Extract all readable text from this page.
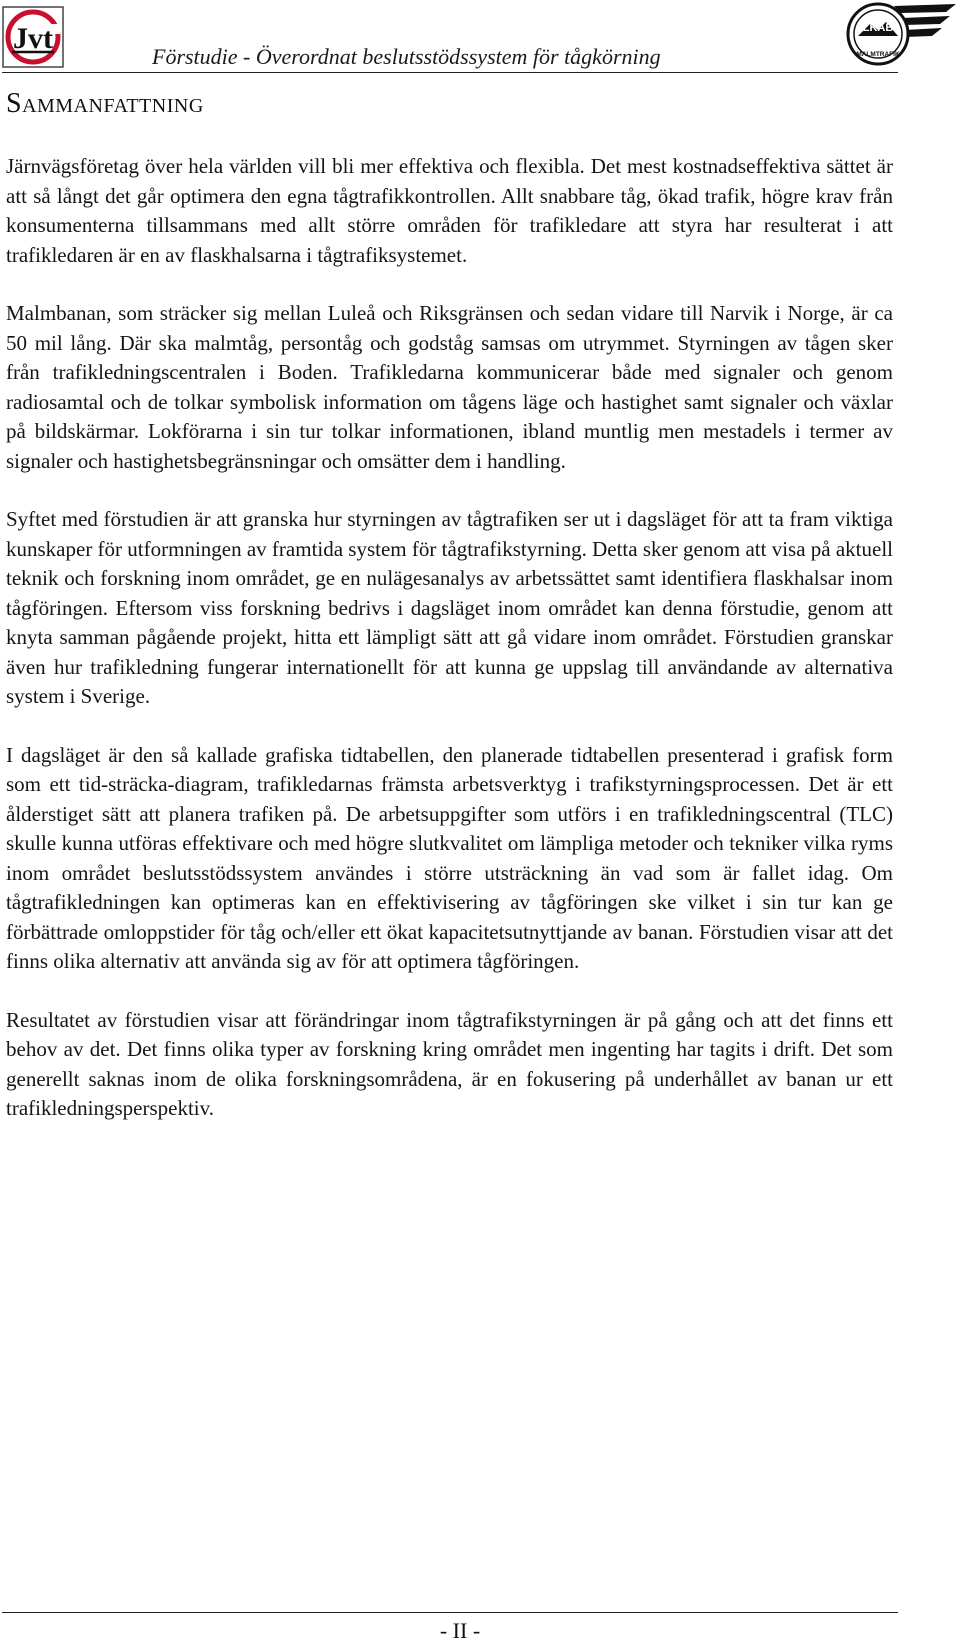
Jvt
Förstudie - Överordnat beslutsstödssystem för tågkörning
LKAB
MALMTRAFIK
Sammanfattning

Järnvägsföretag över hela världen vill bli mer effektiva och flexibla. Det mest kostnadseffektiva sättet är att så långt det går optimera den egna tågtrafikkontrollen. Allt snabbare tåg, ökad trafik, högre krav från konsumenterna tillsammans med allt större områden för trafikledare att styra har resulterat i att trafikledaren är en av flaskhalsarna i tågtrafiksystemet.

Malmbanan, som sträcker sig mellan Luleå och Riksgränsen och sedan vidare till Narvik i Norge, är ca 50 mil lång. Där ska malmtåg, persontåg och godståg samsas om utrymmet. Styrningen av tågen sker från trafikledningscentralen i Boden. Trafikledarna kommunicerar både med signaler och genom radiosamtal och de tolkar symbolisk information om tågens läge och hastighet samt signaler och växlar på bildskärmar. Lokförarna i sin tur tolkar informationen, ibland muntlig men mestadels i termer av signaler och hastighetsbegränsningar och omsätter dem i handling.

Syftet med förstudien är att granska hur styrningen av tågtrafiken ser ut i dagsläget för att ta fram viktiga kunskaper för utformningen av framtida system för tågtrafikstyrning. Detta sker genom att visa på aktuell teknik och forskning inom området, ge en nulägesanalys av arbetssättet samt identifiera flaskhalsar inom tågföringen. Eftersom viss forskning bedrivs i dagsläget inom området kan denna förstudie, genom att knyta samman pågående projekt, hitta ett lämpligt sätt att gå vidare inom området. Förstudien granskar även hur trafikledning fungerar internationellt för att kunna ge uppslag till användande av alternativa system i Sverige.

I dagsläget är den så kallade grafiska tidtabellen, den planerade tidtabellen presenterad i grafisk form som ett tid-sträcka-diagram, trafikledarnas främsta arbetsverktyg i trafikstyrningsprocessen. Det är ett ålderstiget sätt att planera trafiken på. De arbetsuppgifter som utförs i en trafikledningscentral (TLC) skulle kunna utföras effektivare och med högre slutkvalitet om lämpliga metoder och tekniker vilka ryms inom området beslutsstödssystem användes i större utsträckning än vad som är fallet idag. Om tågtrafikledningen kan optimeras kan en effektivisering av tågföringen ske vilket i sin tur kan ge förbättrade omloppstider för tåg och/eller ett ökat kapacitetsutnyttjande av banan. Förstudien visar att det finns olika alternativ att använda sig av för att optimera tågföringen.

Resultatet av förstudien visar att förändringar inom tågtrafikstyrningen är på gång och att det finns ett behov av det. Det finns olika typer av forskning kring området men ingenting har tagits i drift. Det som generellt saknas inom de olika forskningsområdena, är en fokusering på underhållet av banan ur ett trafikledningsperspektiv.

- II -
